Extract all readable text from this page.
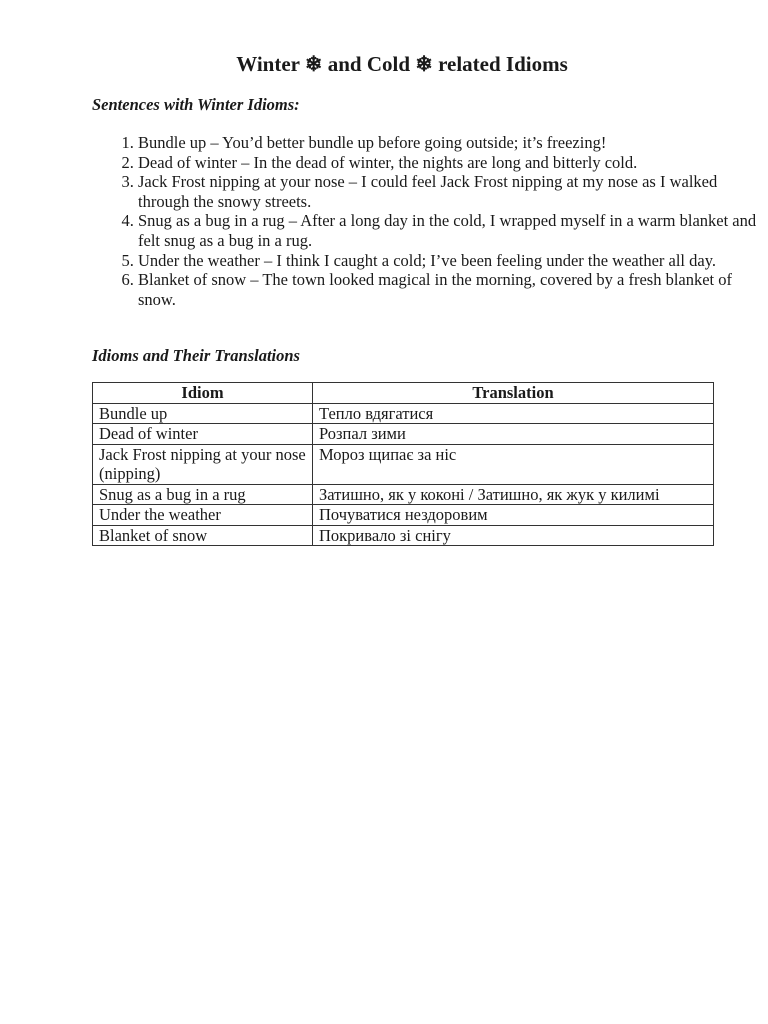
Winter ❄ and Cold ❄ related Idioms
Sentences with Winter Idioms:
1. Bundle up – You’d better bundle up before going outside; it’s freezing!
2. Dead of winter – In the dead of winter, the nights are long and bitterly cold.
3. Jack Frost nipping at your nose – I could feel Jack Frost nipping at my nose as I walked through the snowy streets.
4. Snug as a bug in a rug – After a long day in the cold, I wrapped myself in a warm blanket and felt snug as a bug in a rug.
5. Under the weather – I think I caught a cold; I’ve been feeling under the weather all day.
6. Blanket of snow – The town looked magical in the morning, covered by a fresh blanket of snow.
Idioms and Their Translations
Idiom	Translation
Bundle up	Тепло вдягатися
Dead of winter	Розпал зими
Jack Frost nipping at your nose (nipping)	Мороз щипає за ніс
Snug as a bug in a rug	Затишно, як у коконі / Затишно, як жук у килимі
Under the weather	Почуватися нездоровим
Blanket of snow	Покривало зі снігу
